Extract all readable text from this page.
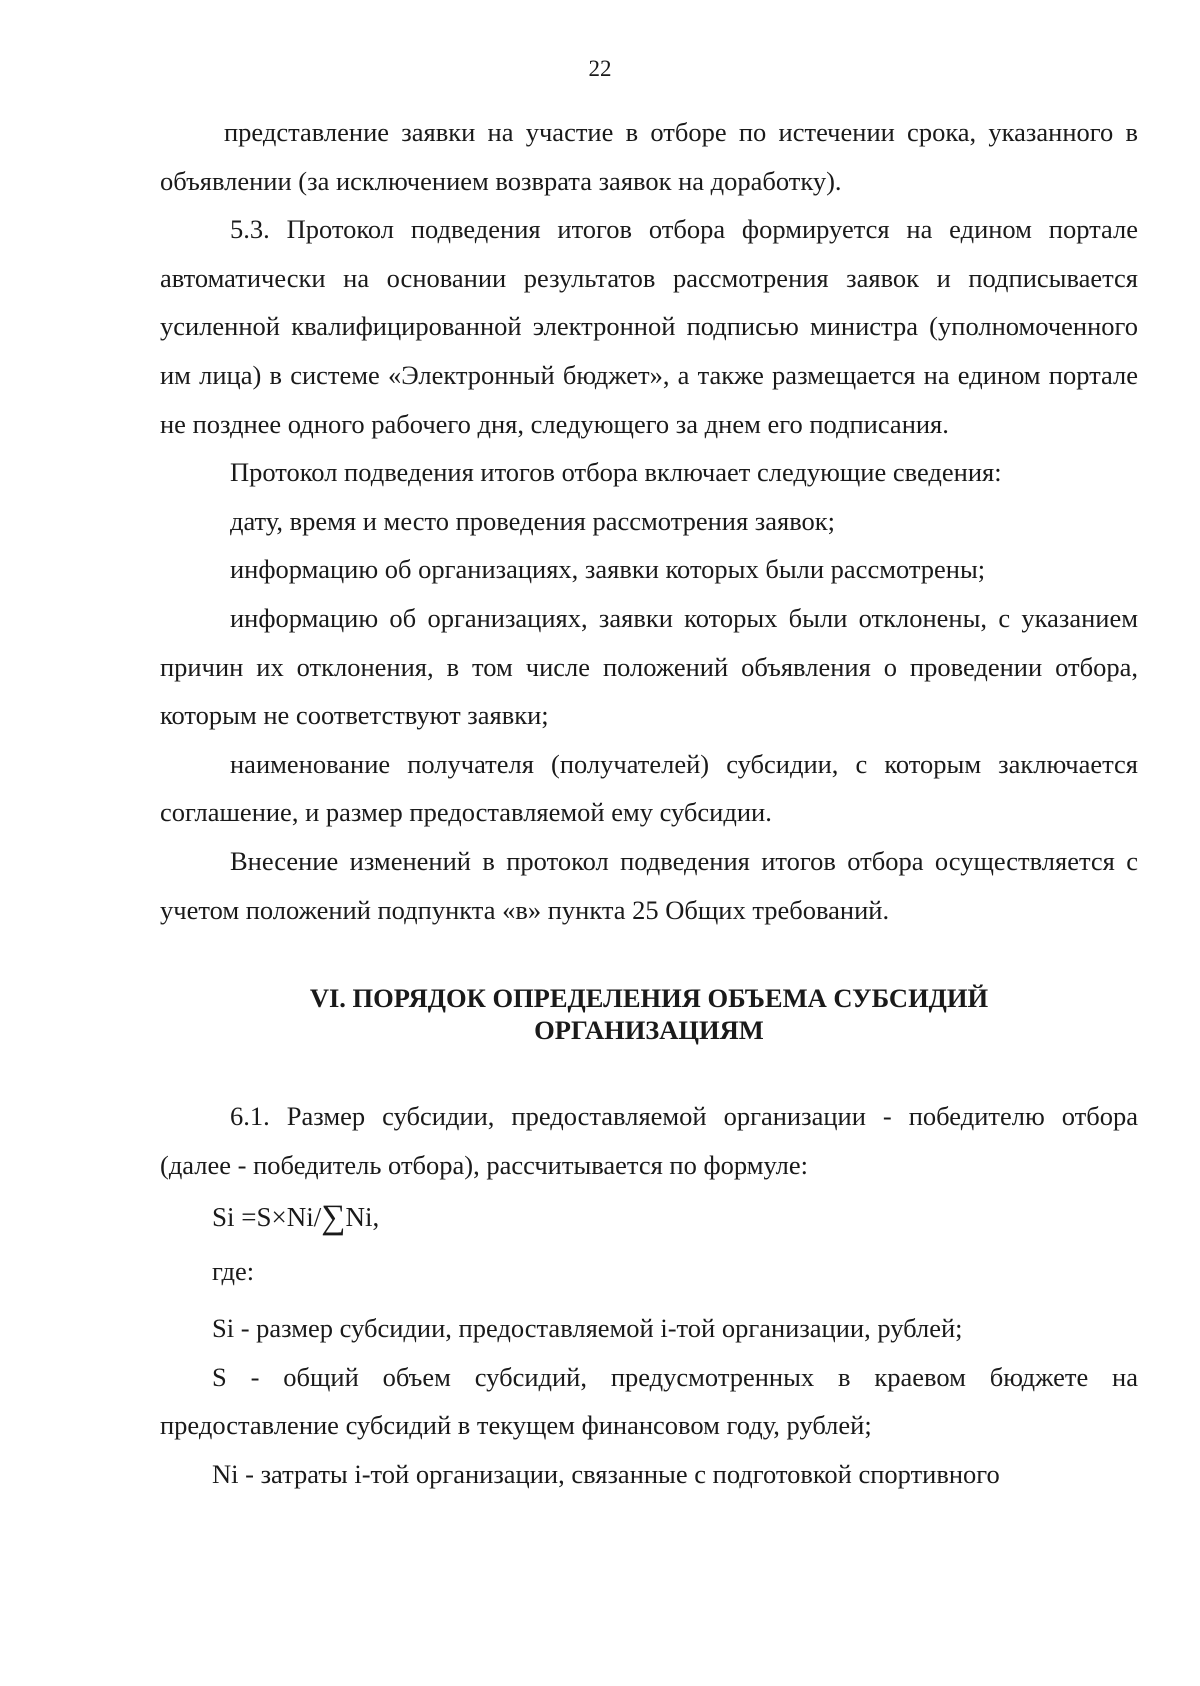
22

представление заявки на участие в отборе по истечении срока, указанного в объявлении (за исключением возврата заявок на доработку).

5.3. Протокол подведения итогов отбора формируется на едином портале автоматически на основании результатов рассмотрения заявок и подписывается усиленной квалифицированной электронной подписью министра (уполномоченного им лица) в системе «Электронный бюджет», а также размещается на едином портале не позднее одного рабочего дня, следующего за днем его подписания.

Протокол подведения итогов отбора включает следующие сведения:

дату, время и место проведения рассмотрения заявок;

информацию об организациях, заявки которых были рассмотрены;

информацию об организациях, заявки которых были отклонены, с указанием причин их отклонения, в том числе положений объявления о проведении отбора, которым не соответствуют заявки;

наименование получателя (получателей) субсидии, с которым заключается соглашение, и размер предоставляемой ему субсидии.

Внесение изменений в протокол подведения итогов отбора осуществляется с учетом положений подпункта «в» пункта 25 Общих требований.

VI. ПОРЯДОК ОПРЕДЕЛЕНИЯ ОБЪЕМА СУБСИДИЙ
ОРГАНИЗАЦИЯМ

6.1. Размер субсидии, предоставляемой организации - победителю отбора (далее - победитель отбора), рассчитывается по формуле:

Si =S×Ni/∑Ni,

где:

Si - размер субсидии, предоставляемой i-той организации, рублей;

S - общий объем субсидий, предусмотренных в краевом бюджете на предоставление субсидий в текущем финансовом году, рублей;

Ni - затраты i-той организации, связанные с подготовкой спортивного
